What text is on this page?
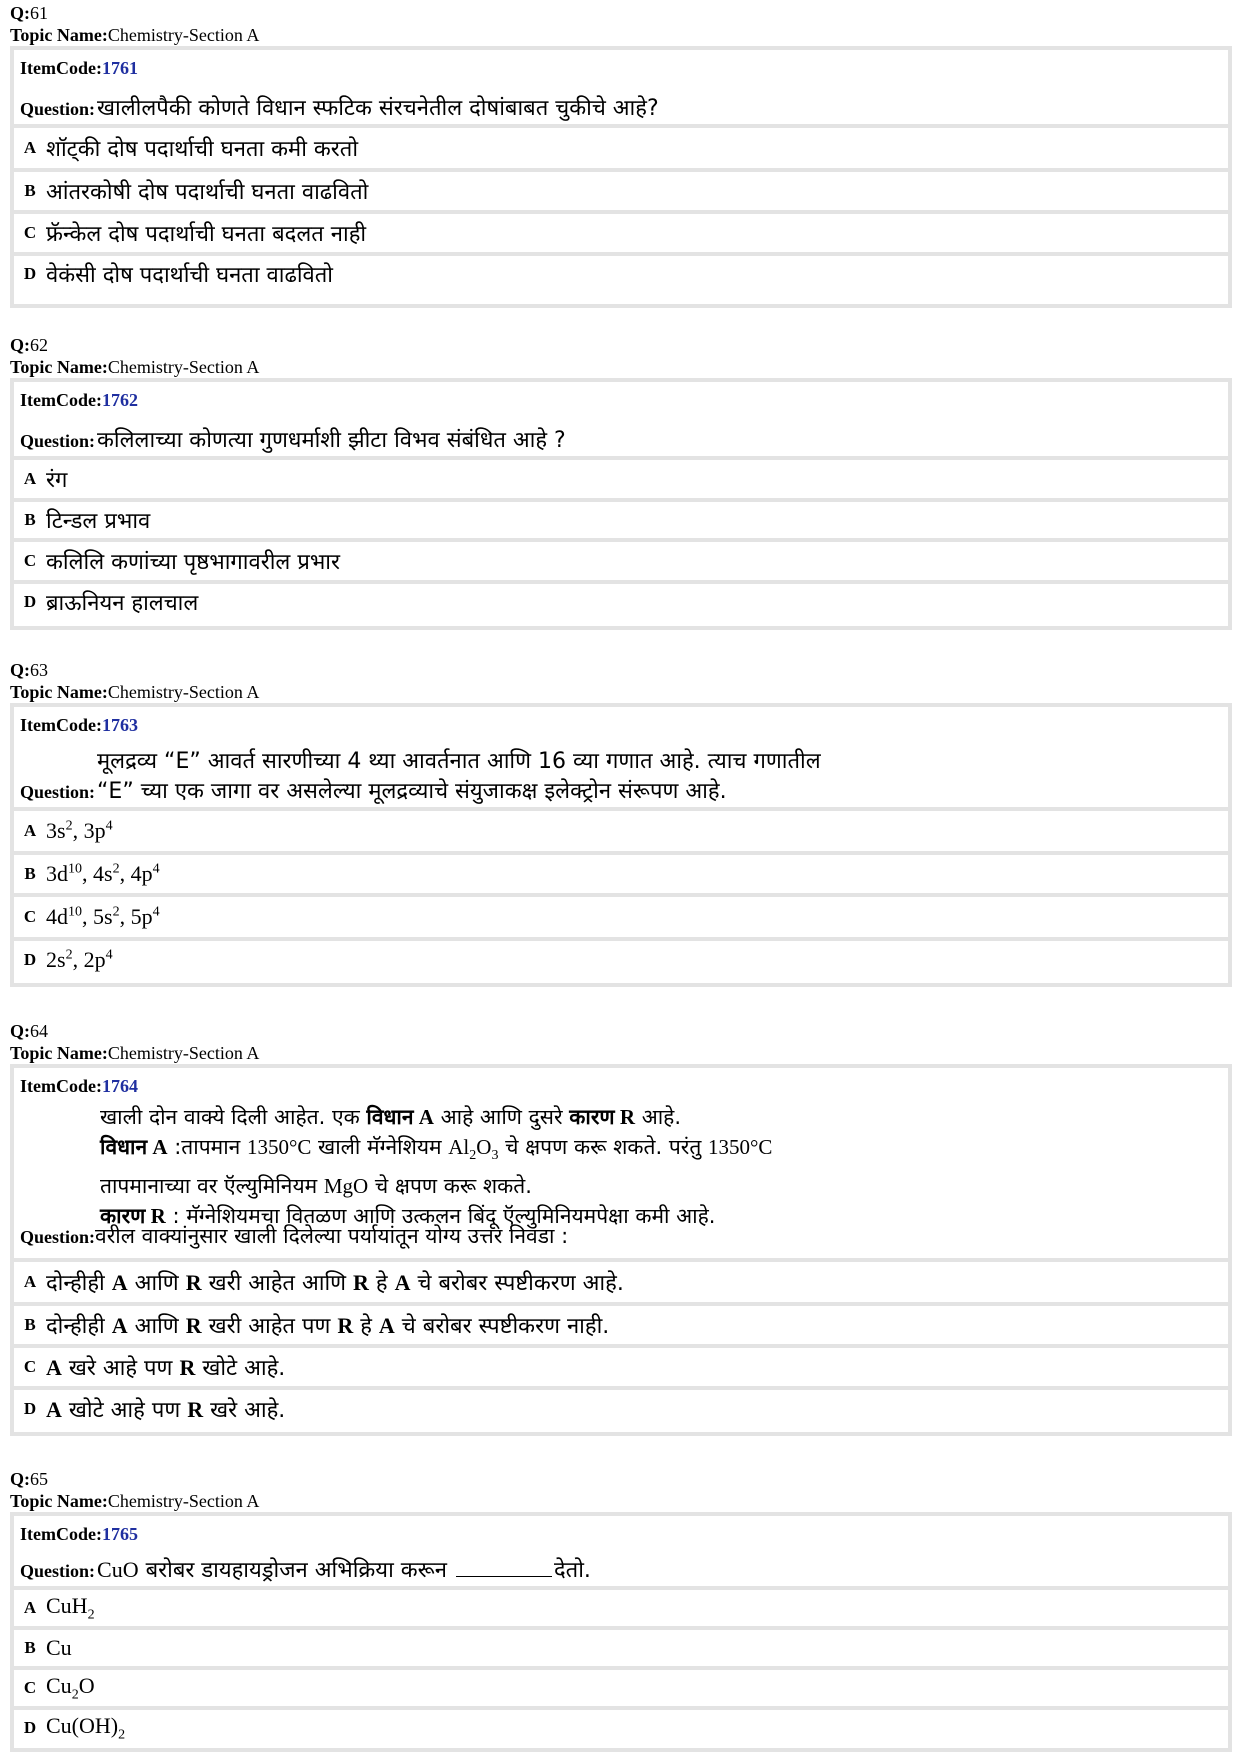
Q:61
Topic Name:Chemistry-Section A
ItemCode:1761
Question: खालीलपैकी कोणते विधान स्फटिक संरचनेतील दोषांबाबत चुकीचे आहे?
A शॉट्की दोष पदार्थाची घनता कमी करतो
B आंतरकोषी दोष पदार्थाची घनता वाढवितो
C फ्रॅन्केल दोष पदार्थाची घनता बदलत नाही
D वेकंसी दोष पदार्थाची घनता वाढवितो
Q:62
Topic Name:Chemistry-Section A
ItemCode:1762
Question: कलिलाच्या कोणत्या गुणधर्माशी झीटा विभव संबंधित आहे ?
A रंग
B टिन्डल प्रभाव
C कलिलि कणांच्या पृष्ठभागावरील प्रभार
D ब्राऊनियन हालचाल
Q:63
Topic Name:Chemistry-Section A
ItemCode:1763
Question:
मूलद्रव्य “E” आवर्त सारणीच्या 4 थ्या आवर्तनात आणि 16 व्या गणात आहे. त्याच गणातील
“E” च्या एक जागा वर असलेल्या मूलद्रव्याचे संयुजाकक्ष इलेक्ट्रोन संरूपण आहे.
A $3s^2$, $3p^4$
B $3d^{10}$, $4s^2$, $4p^4$
C $4d^{10}$, $5s^2$, $5p^4$
D $2s^2$, $2p^4$
Q:64
Topic Name:Chemistry-Section A
ItemCode:1764
खाली दोन वाक्ये दिली आहेत. एक विधान A आहे आणि दुसरे कारण R आहे.
विधान A :तापमान 1350°C खाली मॅग्नेशियम $Al_2O_3$ चे क्षपण करू शकते. परंतु 1350°C
तापमानाच्या वर ऍल्युमिनियम MgO चे क्षपण करू शकते.
कारण R : मॅग्नेशियमचा वितळण आणि उत्कलन बिंदू ऍल्युमिनियमपेक्षा कमी आहे.
Question:वरील वाक्यांनुसार खाली दिलेल्या पर्यायांतून योग्य उत्तर निवडा :
A दोन्हीही A आणि R खरी आहेत आणि R हे A चे बरोबर स्पष्टीकरण आहे.
B दोन्हीही A आणि R खरी आहेत पण R हे A चे बरोबर स्पष्टीकरण नाही.
C A खरे आहे पण R खोटे आहे.
D A खोटे आहे पण R खरे आहे.
Q:65
Topic Name:Chemistry-Section A
ItemCode:1765
Question: CuO बरोबर डायहायड्रोजन अभिक्रिया करून	देतो.
A CuH$_2$
B Cu
C $Cu_2O$
D $Cu(OH)_2$
